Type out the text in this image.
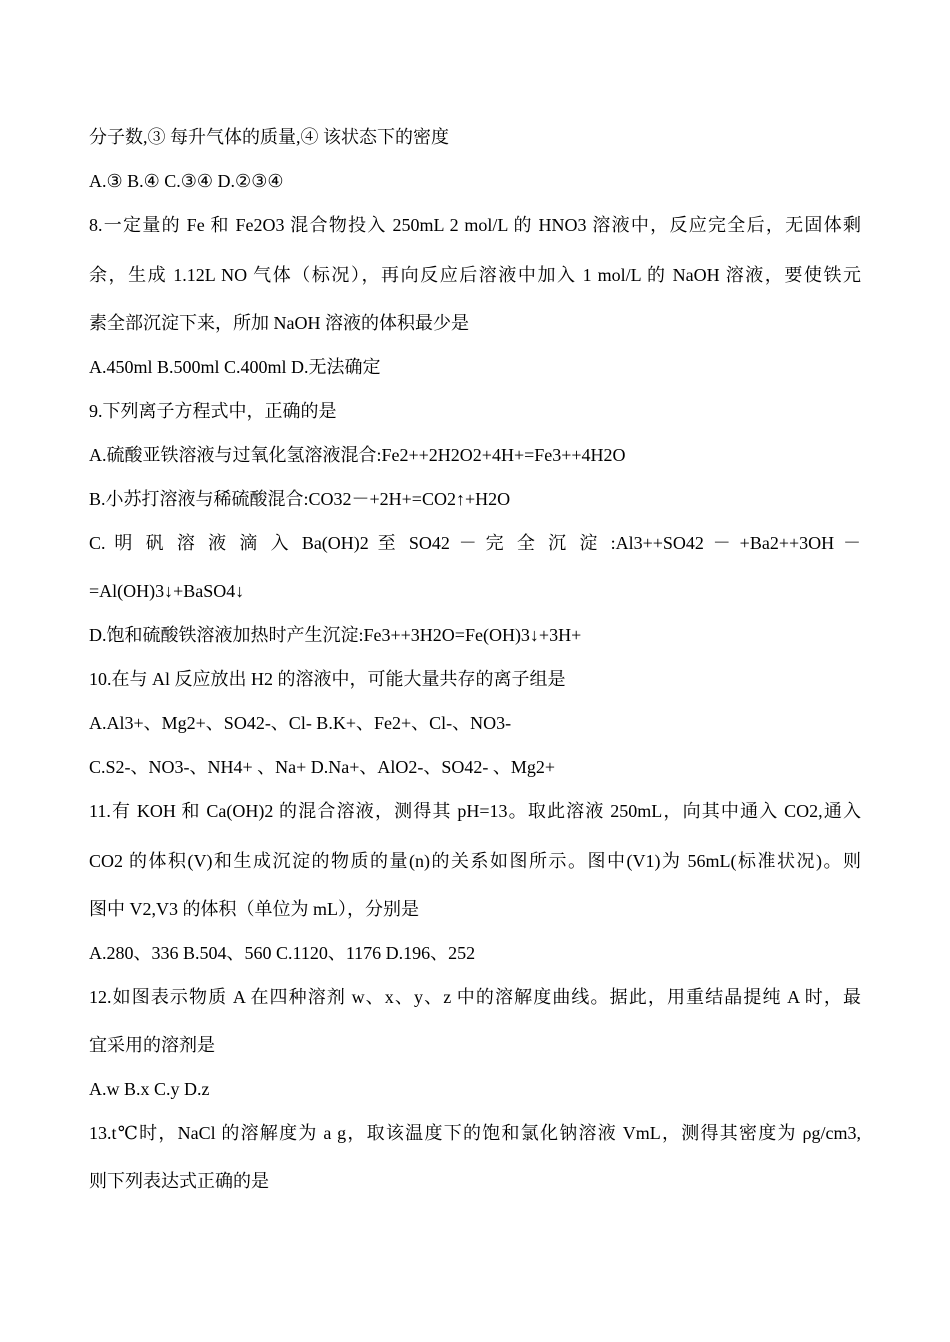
分子数,③ 每升气体的质量,④ 该状态下的密度
A.③ B.④ C.③④ D.②③④
8.一定量的 Fe 和 Fe2O3 混合物投入 250mL 2 mol/L 的 HNO3 溶液中，反应完全后，无固体剩
余，生成 1.12L NO 气体（标况），再向反应后溶液中加入 1 mol/L 的 NaOH 溶液，要使铁元
素全部沉淀下来，所加 NaOH 溶液的体积最少是
A.450ml B.500ml C.400ml D.无法确定
9.下列离子方程式中，正确的是
A.硫酸亚铁溶液与过氧化氢溶液混合:Fe2++2H2O2+4H+=Fe3++4H2O
B.小苏打溶液与稀硫酸混合:CO32－+2H+=CO2↑+H2O
C. 明 矾 溶 液 滴 入 Ba(OH)2 至 SO42 － 完 全 沉 淀 :Al3++SO42 － +Ba2++3OH －
=Al(OH)3↓+BaSO4↓
D.饱和硫酸铁溶液加热时产生沉淀:Fe3++3H2O=Fe(OH)3↓+3H+
10.在与 Al 反应放出 H2 的溶液中，可能大量共存的离子组是
A.Al3+、Mg2+、SO42-、Cl- B.K+、Fe2+、Cl-、NO3-
C.S2-、NO3-、NH4+ 、Na+ D.Na+、AlO2-、SO42- 、Mg2+
11.有 KOH 和 Ca(OH)2 的混合溶液，测得其 pH=13。取此溶液 250mL，向其中通入 CO2,通入
CO2 的体积(V)和生成沉淀的物质的量(n)的关系如图所示。图中(V1)为 56mL(标准状况)。则
图中 V2,V3 的体积（单位为 mL），分别是
A.280、336 B.504、560 C.1120、1176 D.196、252
12.如图表示物质 A 在四种溶剂 w、x、y、z 中的溶解度曲线。据此，用重结晶提纯 A 时，最
宜采用的溶剂是
A.w B.x C.y D.z
13.t℃时，NaCl 的溶解度为 a g，取该温度下的饱和氯化钠溶液 VmL，测得其密度为 ρg/cm3,
则下列表达式正确的是
